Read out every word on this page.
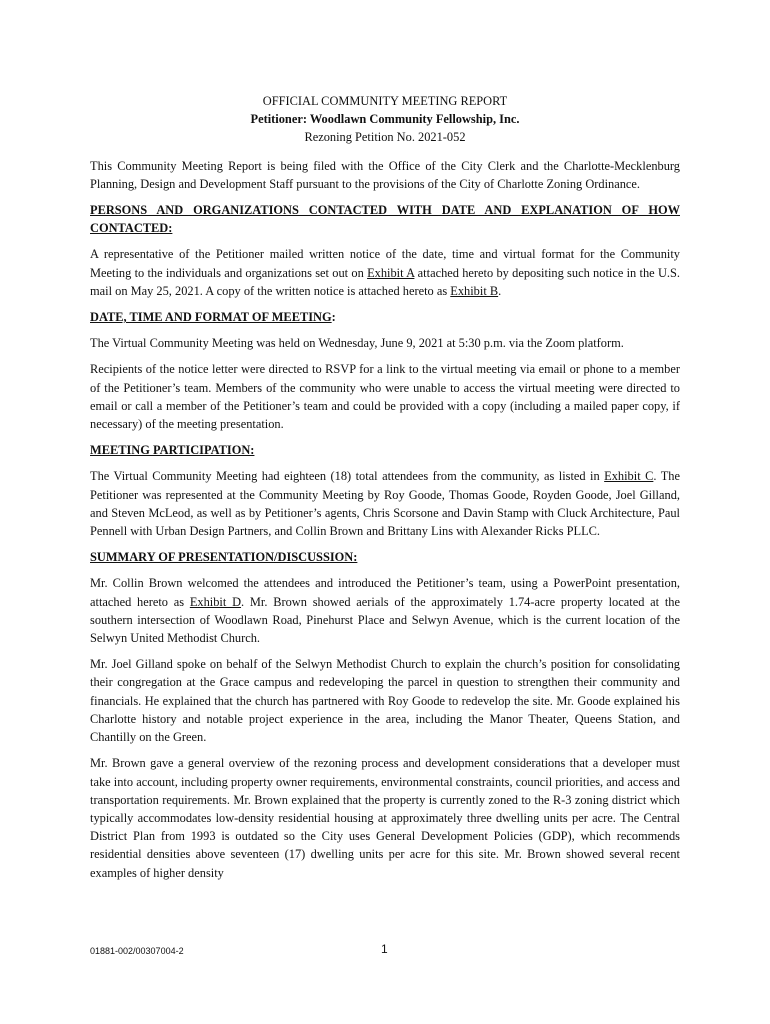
OFFICIAL COMMUNITY MEETING REPORT
Petitioner: Woodlawn Community Fellowship, Inc.
Rezoning Petition No. 2021-052

This Community Meeting Report is being filed with the Office of the City Clerk and the Charlotte-Mecklenburg Planning, Design and Development Staff pursuant to the provisions of the City of Charlotte Zoning Ordinance.

PERSONS AND ORGANIZATIONS CONTACTED WITH DATE AND EXPLANATION OF HOW CONTACTED:

A representative of the Petitioner mailed written notice of the date, time and virtual format for the Community Meeting to the individuals and organizations set out on Exhibit A attached hereto by depositing such notice in the U.S. mail on May 25, 2021. A copy of the written notice is attached hereto as Exhibit B.

DATE, TIME AND FORMAT OF MEETING:

The Virtual Community Meeting was held on Wednesday, June 9, 2021 at 5:30 p.m. via the Zoom platform.

Recipients of the notice letter were directed to RSVP for a link to the virtual meeting via email or phone to a member of the Petitioner’s team. Members of the community who were unable to access the virtual meeting were directed to email or call a member of the Petitioner’s team and could be provided with a copy (including a mailed paper copy, if necessary) of the meeting presentation.

MEETING PARTICIPATION:

The Virtual Community Meeting had eighteen (18) total attendees from the community, as listed in Exhibit C. The Petitioner was represented at the Community Meeting by Roy Goode, Thomas Goode, Royden Goode, Joel Gilland, and Steven McLeod, as well as by Petitioner’s agents, Chris Scorsone and Davin Stamp with Cluck Architecture, Paul Pennell with Urban Design Partners, and Collin Brown and Brittany Lins with Alexander Ricks PLLC.

SUMMARY OF PRESENTATION/DISCUSSION:

Mr. Collin Brown welcomed the attendees and introduced the Petitioner’s team, using a PowerPoint presentation, attached hereto as Exhibit D. Mr. Brown showed aerials of the approximately 1.74-acre property located at the southern intersection of Woodlawn Road, Pinehurst Place and Selwyn Avenue, which is the current location of the Selwyn United Methodist Church.

Mr. Joel Gilland spoke on behalf of the Selwyn Methodist Church to explain the church’s position for consolidating their congregation at the Grace campus and redeveloping the parcel in question to strengthen their community and financials. He explained that the church has partnered with Roy Goode to redevelop the site. Mr. Goode explained his Charlotte history and notable project experience in the area, including the Manor Theater, Queens Station, and Chantilly on the Green.

Mr. Brown gave a general overview of the rezoning process and development considerations that a developer must take into account, including property owner requirements, environmental constraints, council priorities, and access and transportation requirements. Mr. Brown explained that the property is currently zoned to the R-3 zoning district which typically accommodates low-density residential housing at approximately three dwelling units per acre. The Central District Plan from 1993 is outdated so the City uses General Development Policies (GDP), which recommends residential densities above seventeen (17) dwelling units per acre for this site. Mr. Brown showed several recent examples of higher density

01881-002/00307004-2	1
